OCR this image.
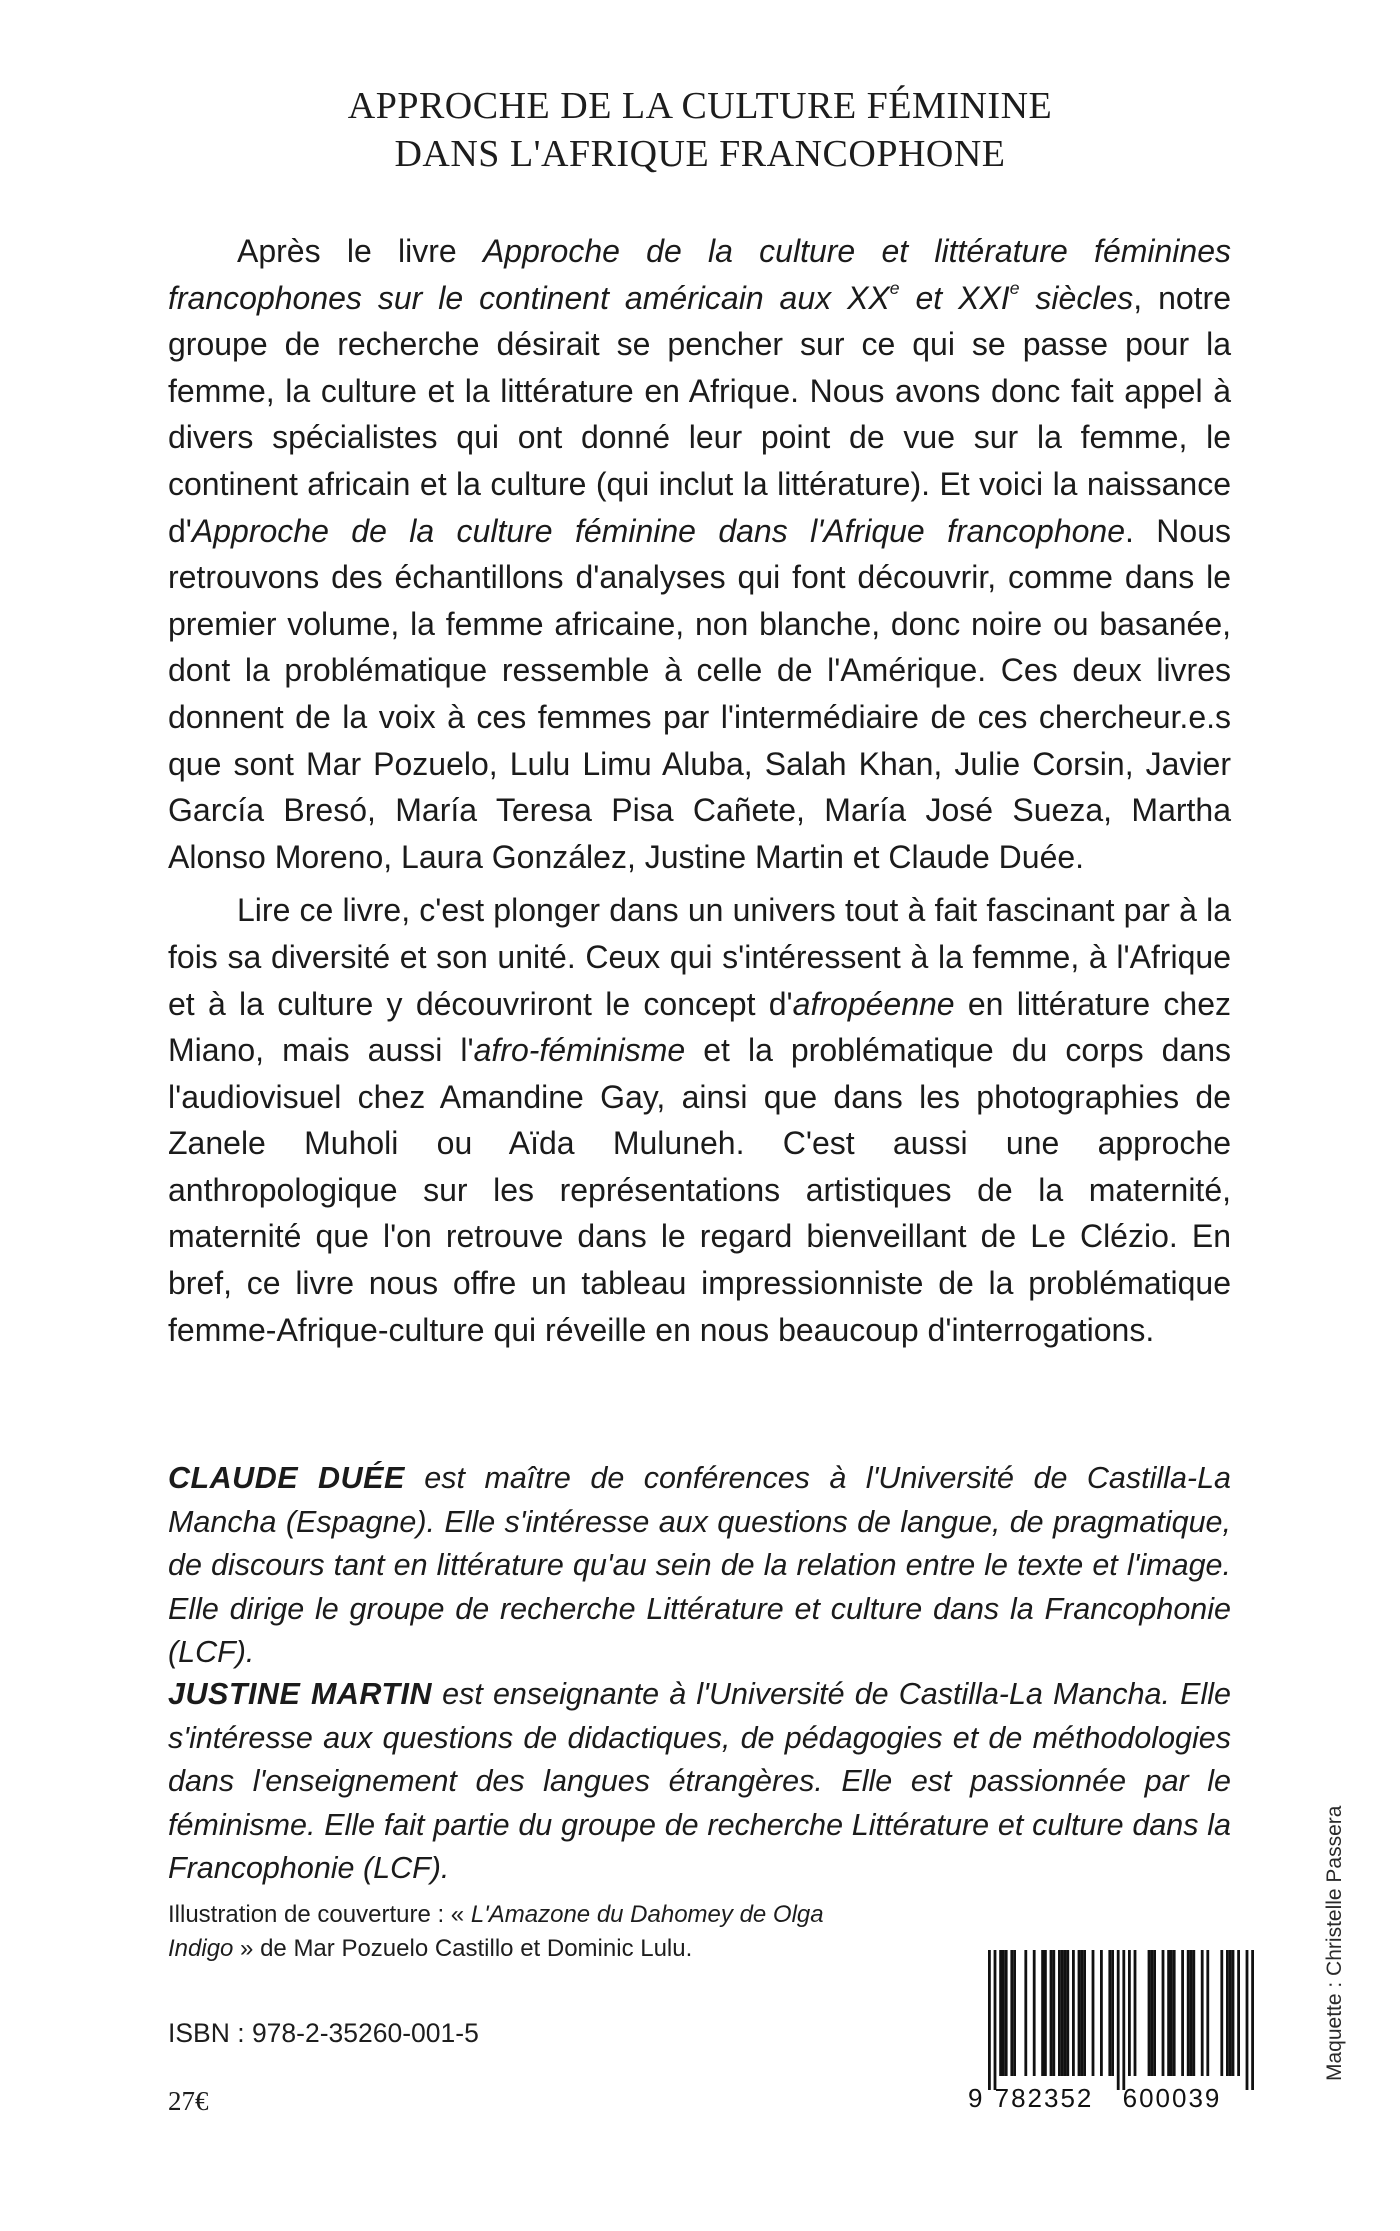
APPROCHE DE LA CULTURE FÉMININE
DANS L'AFRIQUE FRANCOPHONE

Après le livre Approche de la culture et littérature féminines francophones sur le continent américain aux XXe et XXIe siècles, notre groupe de recherche désirait se pencher sur ce qui se passe pour la femme, la culture et la littérature en Afrique. Nous avons donc fait appel à divers spécialistes qui ont donné leur point de vue sur la femme, le continent africain et la culture (qui inclut la littérature). Et voici la naissance d'Approche de la culture féminine dans l'Afrique francophone. Nous retrouvons des échantillons d'analyses qui font découvrir, comme dans le premier volume, la femme africaine, non blanche, donc noire ou basanée, dont la problématique ressemble à celle de l'Amérique. Ces deux livres donnent de la voix à ces femmes par l'intermédiaire de ces chercheur.e.s que sont Mar Pozuelo, Lulu Limu Aluba, Salah Khan, Julie Corsin, Javier García Bresó, María Teresa Pisa Cañete, María José Sueza, Martha Alonso Moreno, Laura González, Justine Martin et Claude Duée.

Lire ce livre, c'est plonger dans un univers tout à fait fascinant par à la fois sa diversité et son unité. Ceux qui s'intéressent à la femme, à l'Afrique et à la culture y découvriront le concept d'afropéenne en littérature chez Miano, mais aussi l'afro-féminisme et la problématique du corps dans l'audiovisuel chez Amandine Gay, ainsi que dans les photographies de Zanele Muholi ou Aïda Muluneh. C'est aussi une approche anthropologique sur les représentations artistiques de la maternité, maternité que l'on retrouve dans le regard bienveillant de Le Clézio. En bref, ce livre nous offre un tableau impressionniste de la problématique femme-Afrique-culture qui réveille en nous beaucoup d'interrogations.

CLAUDE DUÉE est maître de conférences à l'Université de Castilla-La Mancha (Espagne). Elle s'intéresse aux questions de langue, de pragmatique, de discours tant en littérature qu'au sein de la relation entre le texte et l'image. Elle dirige le groupe de recherche Littérature et culture dans la Francophonie (LCF).
JUSTINE MARTIN est enseignante à l'Université de Castilla-La Mancha. Elle s'intéresse aux questions de didactiques, de pédagogies et de méthodologies dans l'enseignement des langues étrangères. Elle est passionnée par le féminisme. Elle fait partie du groupe de recherche Littérature et culture dans la Francophonie (LCF).
Illustration de couverture : « L'Amazone du Dahomey de Olga Indigo » de Mar Pozuelo Castillo et Dominic Lulu.
ISBN : 978-2-35260-001-5
27€	9 782352 600039
Maquette : Christelle Passera
